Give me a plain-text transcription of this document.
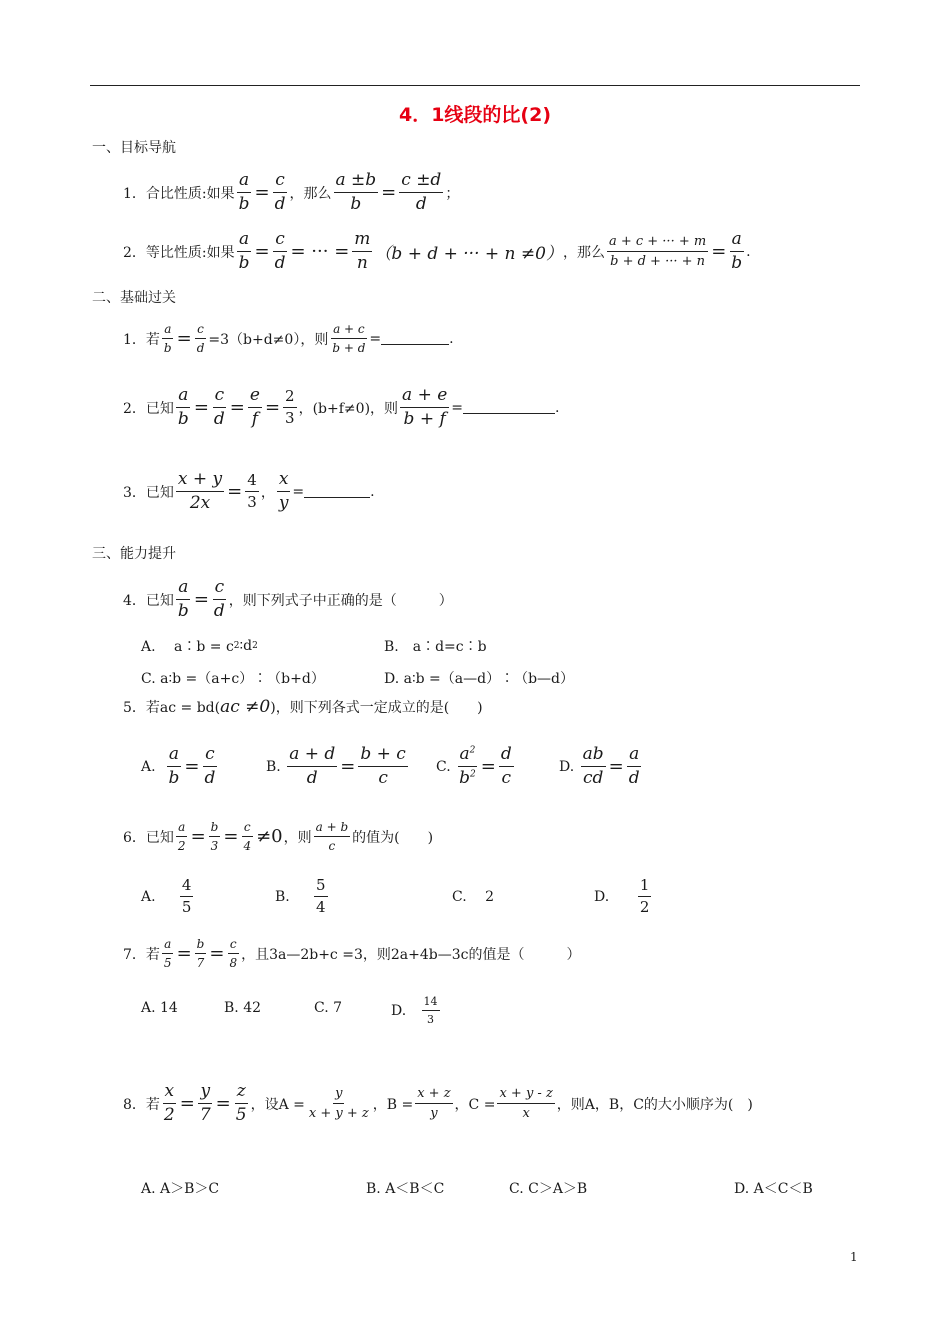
4．1线段的比(2)
一、目标导航
1．合比性质:如果 $\frac{a}{b} = \frac{c}{d}$ ，那么 $\frac{a \pm b}{b} = \frac{c \pm d}{d}$ ；
2．等比性质:如果 $\frac{a}{b} = \frac{c}{d}$ = ··· = $\frac{m}{n} (b + d$ + ··· + n ≠0） ，那么 $\frac{a + c + \cdot\cdot\cdot + m}{b + d + \cdot\cdot\cdot + n} = \frac{a}{b}$ .
二、基础过关
1．若 $\frac{a}{b} = \frac{c}{d} =3(b+d\ne 0)$，则 $\frac{a + c}{b + d}$ =	.
2．已知 $\frac{a}{b} = \frac{c}{d} = \frac{e}{f} = \frac{2}{3}$ ，(b+f≠0)，则 $\frac{a + e}{b + f}$ =	.
3．已知 $\frac{x + y}{2x} = \frac{4}{3}$ ， $\frac{x}{y}$ =	.
三、能力提升
4．已知 $\frac{a}{b} = \frac{c}{d}$ ，则下列式子中正确的是（　　　）
A.　 a∶b = c 2 ∶d 2	B.　a∶d=c∶b
C. a∶b =（a+c）∶（b+d）	D. a∶b =（a—d）∶（b—d）
5．若ac = bd( ac ≠0 )，则下列各式一定成立的是(　　)
A.
$\frac{a}{b} = \frac{c}{d}$	B.
$\frac{a + d}{d} = \frac{b + c}{c} C$.
$\frac{a^2}{b^2} = \frac{d}{c}$	D.
$\frac{ab}{cd} = \frac{a}{d}$
6．已知 $\frac{a}{2} = \frac{b}{3} = \frac{c}{4} \ne 0$ ，则 $\frac{a + b}{c}$ 的值为(　　)
A.
$\frac{4}{5}$	B.
$\frac{5}{4}$	C.　 2	D.
$\frac{1}{2}$
7．若 $\frac{a}{5} = \frac{b}{7} = \frac{c}{8}$ ，且3a—2b+c =3，则2a+4b—3c的值是（　　　）
A. 14	B. 42	C. 7	D.
$\frac{14}{3}$
8．若 $\frac{x}{2} = \frac{y}{7} = \frac{z}{5}$ ，设$A = \frac{y}{x + y + z}$ ，$B = \frac{x + z}{y}$ ，$C = \frac{x + y - z}{x}$ ，则A，B，C的大小顺序为(　)
A. A＞B＞C	B. A＜B＜C	C. C＞A＞B	D. A＜C＜B
1
